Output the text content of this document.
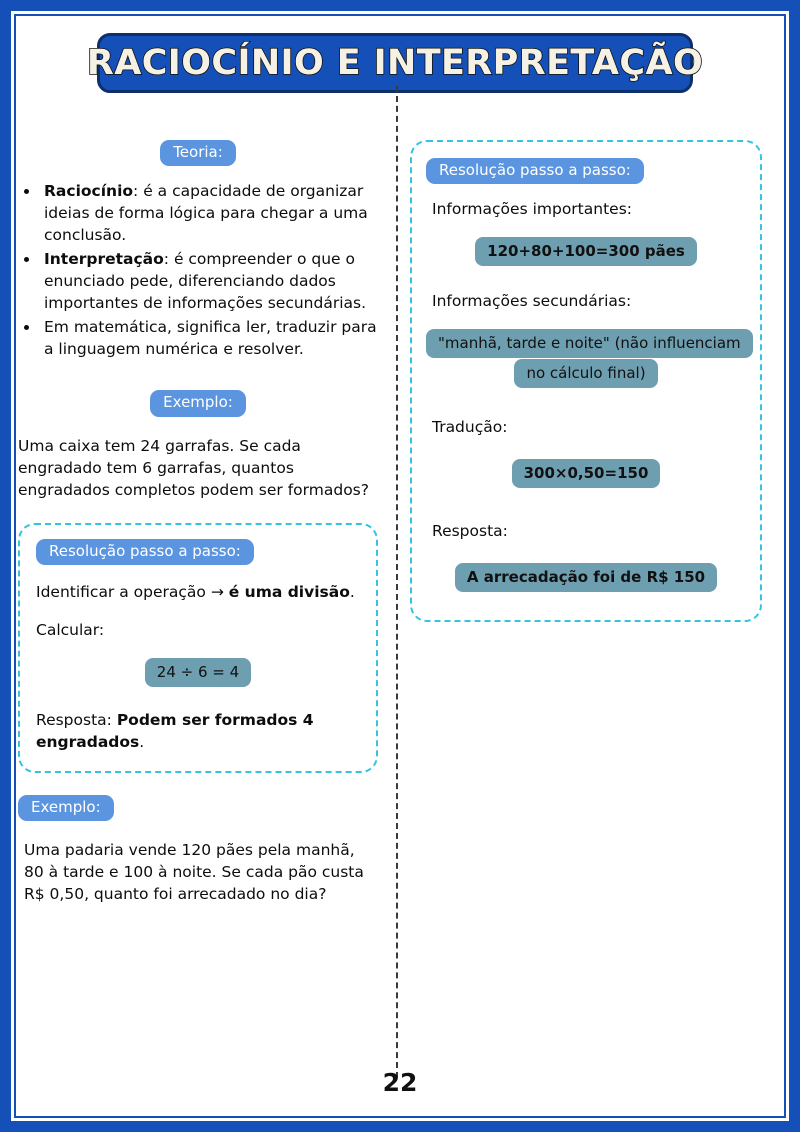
RACIOCÍNIO E INTERPRETAÇÃO
Teoria:
• Raciocínio: é a capacidade de organizar ideias de forma lógica para chegar a uma conclusão.
• Interpretação: é compreender o que o enunciado pede, diferenciando dados importantes de informações secundárias.
• Em matemática, significa ler, traduzir para a linguagem numérica e resolver.
Exemplo:
Uma caixa tem 24 garrafas. Se cada engradado tem 6 garrafas, quantos engradados completos podem ser formados?
Resolução passo a passo:
Identificar a operação → é uma divisão.
Calcular:
24 ÷ 6 = 4
Resposta: Podem ser formados 4 engradados.
Exemplo:
Uma padaria vende 120 pães pela manhã, 80 à tarde e 100 à noite. Se cada pão custa R$ 0,50, quanto foi arrecadado no dia?
Resolução passo a passo:
Informações importantes:
120+80+100=300 pães
Informações secundárias:
"manhã, tarde e noite" (não influenciam no cálculo final)
Tradução:
300×0,50=150
Resposta:
A arrecadação foi de R$ 150
22
